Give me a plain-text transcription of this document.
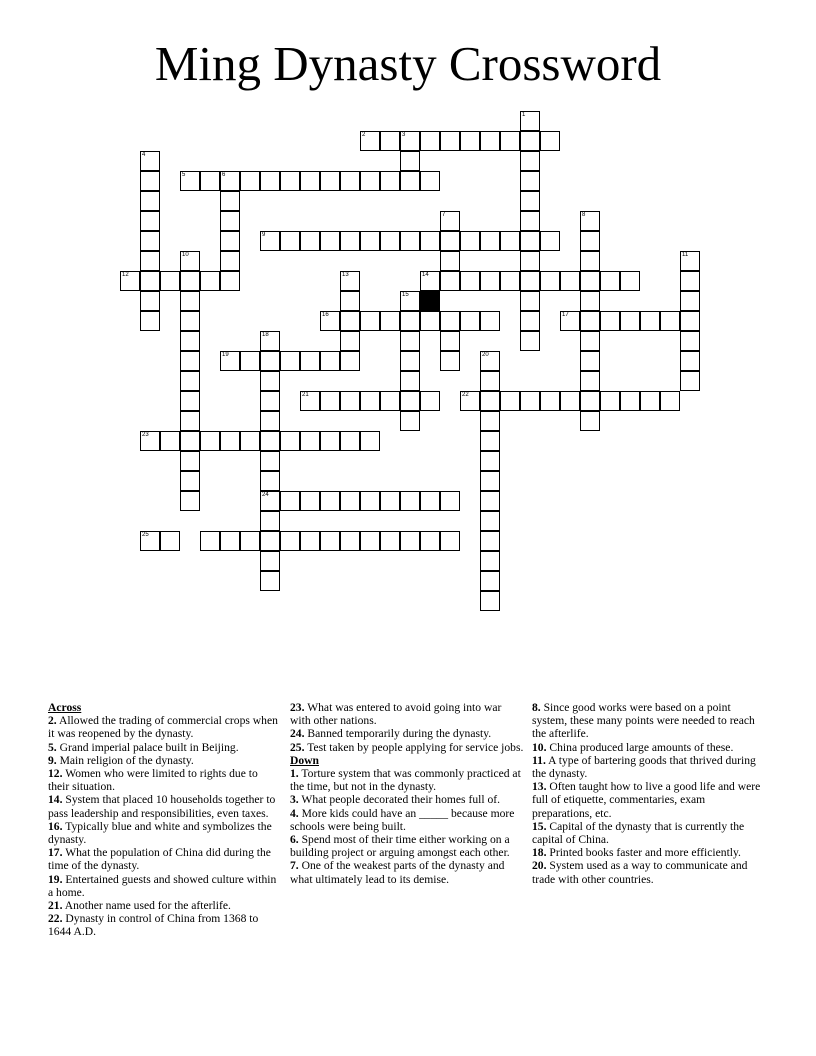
Ming Dynasty Crossword
1
2	3
4
5	6
7	8
9
10	11
12	14
13
15
16	17
18
24
19	20
21	22
23
25
Across

2. Allowed the trading of commercial crops when it was reopened by the dynasty.

5. Grand imperial palace built in Beijing.

9. Main religion of the dynasty.

12. Women who were limited to rights due to their situation.

14. System that placed 10 households together to pass leadership and responsibilities, even taxes.

16. Typically blue and white and symbolizes the dynasty.

17. What the population of China did during the time of the dynasty.

19. Entertained guests and showed culture within a home.

21. Another name used for the afterlife.

22. Dynasty in control of China from 1368 to 1644 A.D.

23. What was entered to avoid going into war with other nations.

24. Banned temporarily during the dynasty.

25. Test taken by people applying for service jobs.

Down

1. Torture system that was commonly practiced at the time, but not in the dynasty.

3. What people decorated their homes full of.

4. More kids could have an _____ because more schools were being built.

6. Spend most of their time either working on a building project or arguing amongst each other.

7. One of the weakest parts of the dynasty and what ultimately lead to its demise.

8. Since good works were based on a point system, these many points were needed to reach the afterlife.

10. China produced large amounts of these.

11. A type of bartering goods that thrived during the dynasty.

13. Often taught how to live a good life and were full of etiquette, commentaries, exam preparations, etc.

15. Capital of the dynasty that is currently the capital of China.

18. Printed books faster and more efficiently.

20. System used as a way to communicate and trade with other countries.
